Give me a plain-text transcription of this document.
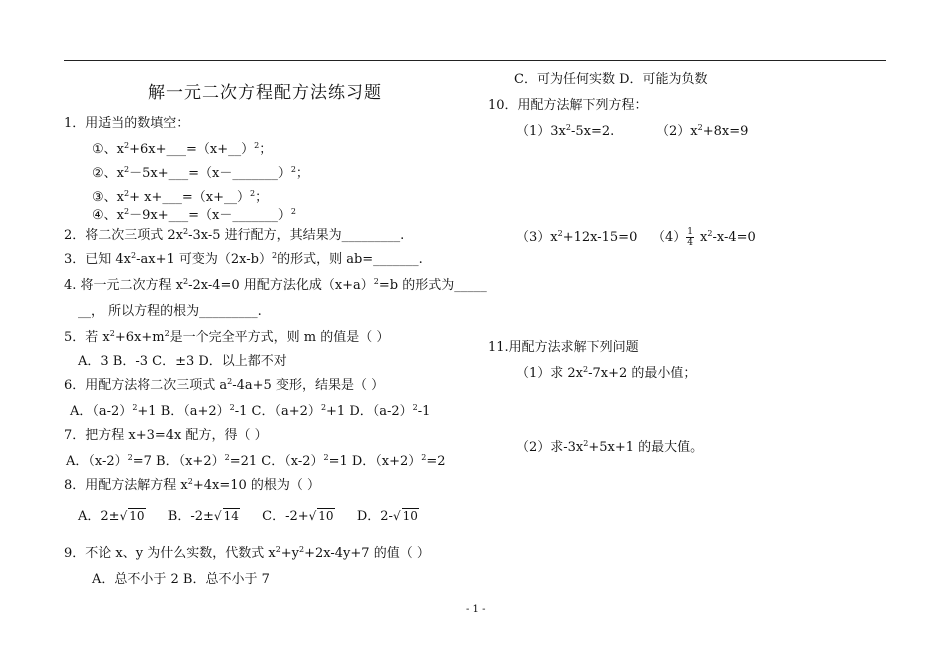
解一元二次方程配方法练习题
1．用适当的数填空：
①、$x^2+6x+\_\_\_=(x+\_\_)^2$；
②、$x^2-5x+\_\_\_=(x-\_\_\_\_\_\_\_)^2$；
③、$x^2+$ x+___=（x+__）$^2$；
④、$x^2-9x+\_\_\_=(x-\_\_\_\_\_\_\_)^2$
2．将二次三项式 $2x^2-3x-5$ 进行配方，其结果为_________.
3．已知 $4x^2-ax+1$ 可变为$(2x-b)^2$的形式，则 ab=_______.
4. 将一元二次方程 $x^2-2x-4=0$ 用配方法化成$(x+a)^2=b$ 的形式为_____
__， 所以方程的根为_________.
5．若 $x^2+6x+m^2$是一个完全平方式，则 m 的值是（ ）
A．3 B．-3 C．±3 D．以上都不对
6．用配方法将二次三项式 $a^2-4a+5$ 变形，结果是（ ）
A．$(a-2)^2+1$ B．$(a+2)^2-1$ C．$(a+2)^2+1$ D．$(a-2)^2-1$
7．把方程 x+3=4x 配方，得（ ）
A．$(x-2)^2=7$ B．$(x+2)^2=21$ C．$(x-2)^2=1$ D．$(x+2)^2=2$
8．用配方法解方程 $x^2+4x=10$ 的根为（ ）
A．2±√ 10 B．-2±√ 14 C．-2+√ 10 D．2-√ 10
9．不论 x、y 为什么实数，代数式 $x^2+y^2+2x-4y+7$ 的值（ ）
A．总不小于 2 B．总不小于 7
C．可为任何实数 D．可能为负数
10．用配方法解下列方程：
$(1)3x^2-5x=2$.	$(2)x^2+8x=9$
$(3)x^2+12x-15=0$ $(4) \frac{1}{4} x^2-x-4=0$
11.用配方法求解下列问题
（1）求 $2x^2-7x+2$ 的最小值；
（2）求$-3x^2+5x+1$ 的最大值。
- 1 -
